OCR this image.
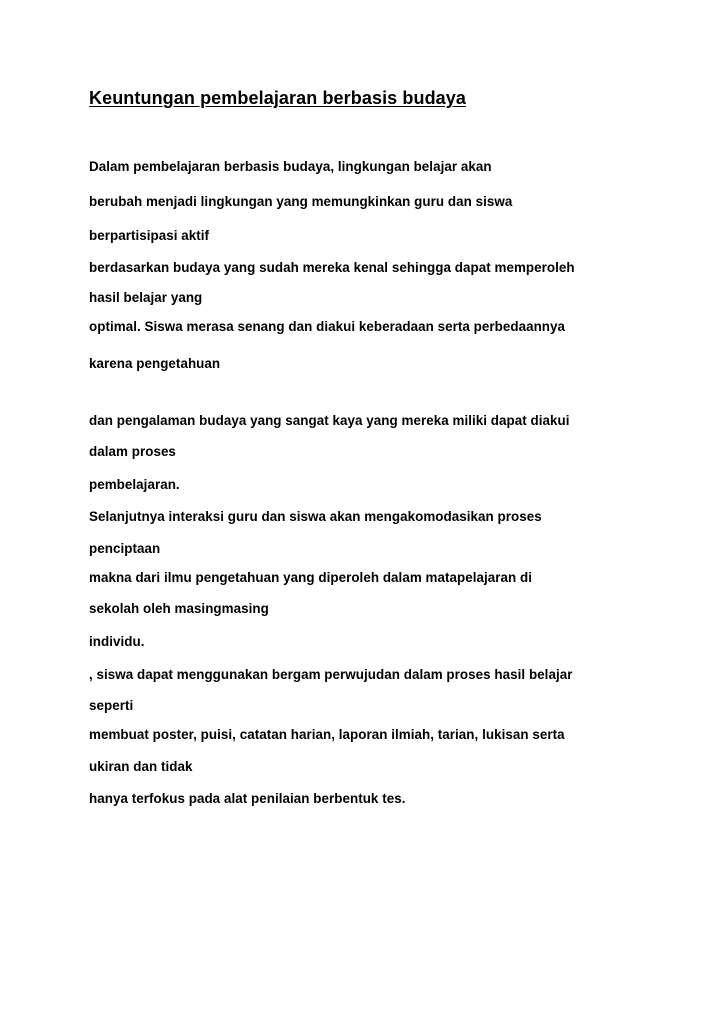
Keuntungan pembelajaran berbasis budaya

Dalam pembelajaran berbasis budaya, lingkungan belajar akan

berubah menjadi lingkungan yang memungkinkan guru dan siswa

berpartisipasi aktif

berdasarkan budaya yang sudah mereka kenal sehingga dapat memperoleh

hasil belajar yang

optimal. Siswa merasa senang dan diakui keberadaan serta perbedaannya

karena pengetahuan

dan pengalaman budaya yang sangat kaya yang mereka miliki dapat diakui

dalam proses

pembelajaran.

Selanjutnya interaksi guru dan siswa akan mengakomodasikan proses

penciptaan

makna dari ilmu pengetahuan yang diperoleh dalam matapelajaran di

sekolah oleh masingmasing

individu.

, siswa dapat menggunakan bergam perwujudan dalam proses hasil belajar

seperti

membuat poster, puisi, catatan harian, laporan ilmiah, tarian, lukisan serta

ukiran dan tidak

hanya terfokus pada alat penilaian berbentuk tes.
